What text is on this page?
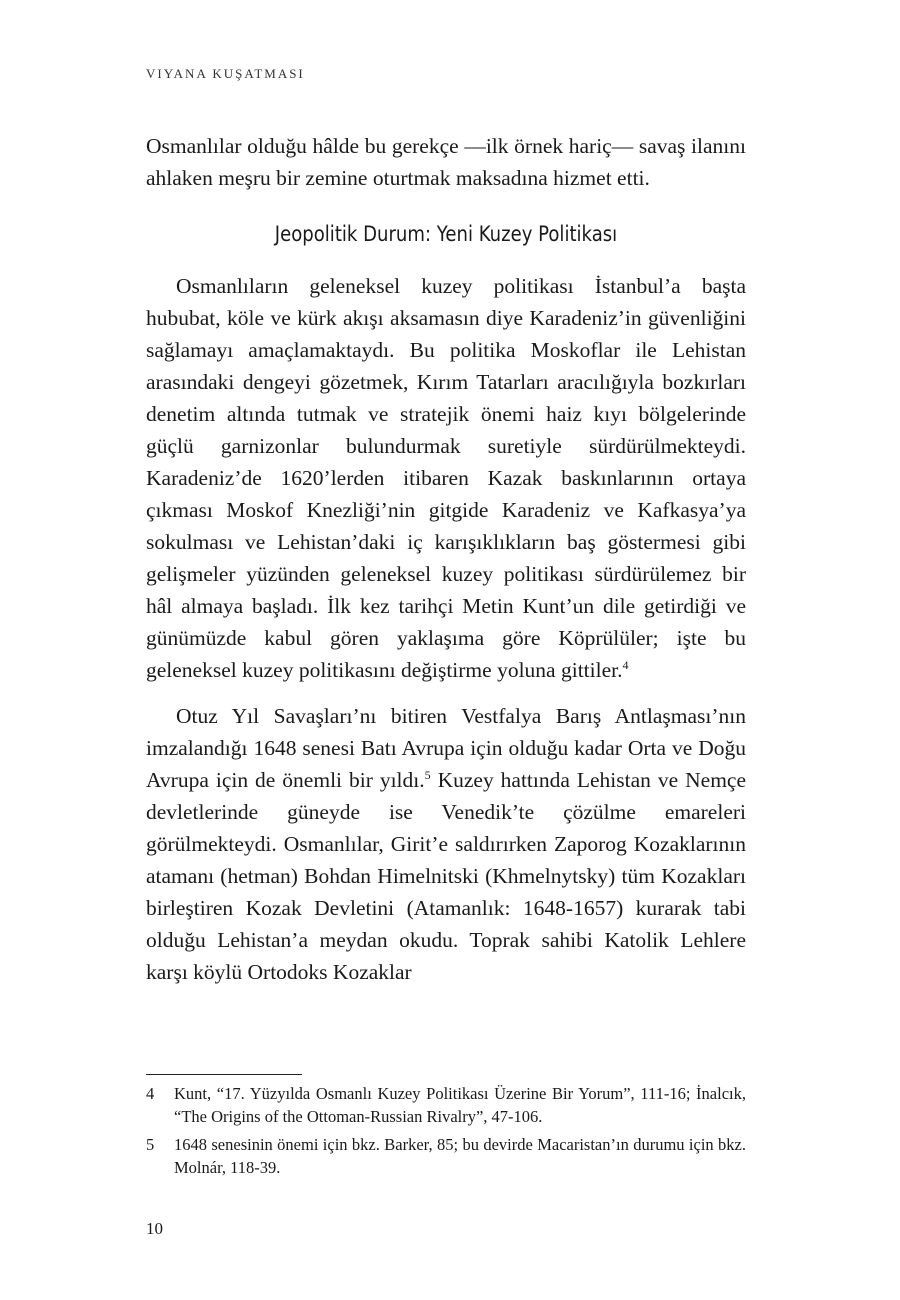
VIYANA KUŞATMASI

Osmanlılar olduğu hâlde bu gerekçe —ilk örnek hariç— savaş ilanını ahlaken meşru bir zemine oturtmak maksadına hizmet etti.

Jeopolitik Durum: Yeni Kuzey Politikası

Osmanlıların geleneksel kuzey politikası İstanbul’a başta hububat, köle ve kürk akışı aksamasın diye Karadeniz’in güvenliğini sağlamayı amaçlamaktaydı. Bu politika Moskoflar ile Lehistan arasındaki dengeyi gözetmek, Kırım Tatarları aracılığıyla bozkırları denetim altında tutmak ve stratejik önemi haiz kıyı bölgelerinde güçlü garnizonlar bulundurmak suretiyle sürdürülmekteydi. Karadeniz’de 1620’lerden itibaren Kazak baskınlarının ortaya çıkması Moskof Knezliği’nin gitgide Karadeniz ve Kafkasya’ya sokulması ve Lehistan’daki iç karışıklıkların baş göstermesi gibi gelişmeler yüzünden geleneksel kuzey politikası sürdürülemez bir hâl almaya başladı. İlk kez tarihçi Metin Kunt’un dile getirdiği ve günümüzde kabul gören yaklaşıma göre Köprülüler; işte bu geleneksel kuzey politikasını değiştirme yoluna gittiler.$^4$

Otuz Yıl Savaşları’nı bitiren Vestfalya Barış Antlaşması’nın imzalandığı 1648 senesi Batı Avrupa için olduğu kadar Orta ve Doğu Avrupa için de önemli bir yıldı.$^5$ Kuzey hattında Lehistan ve Nemçe devletlerinde güneyde ise Venedik’te çözülme emareleri görülmekteydi. Osmanlılar, Girit’e saldırırken Zaporog Kozaklarının atamanı (hetman) Bohdan Himelnitski (Khmelnytsky) tüm Kozakları birleştiren Kozak Devletini (Atamanlık: 1648-1657) kurarak tabi olduğu Lehistan’a meydan okudu. Toprak sahibi Katolik Lehlere karşı köylü Ortodoks Kozaklar

4	Kunt, “17. Yüzyılda Osmanlı Kuzey Politikası Üzerine Bir Yorum”, 111-16; İnalcık, “The Origins of the Ottoman-Russian Rivalry”, 47-106.
5	1648 senesinin önemi için bkz. Barker, 85; bu devirde Macaristan’ın durumu için bkz. Molnár, 118-39.
10
